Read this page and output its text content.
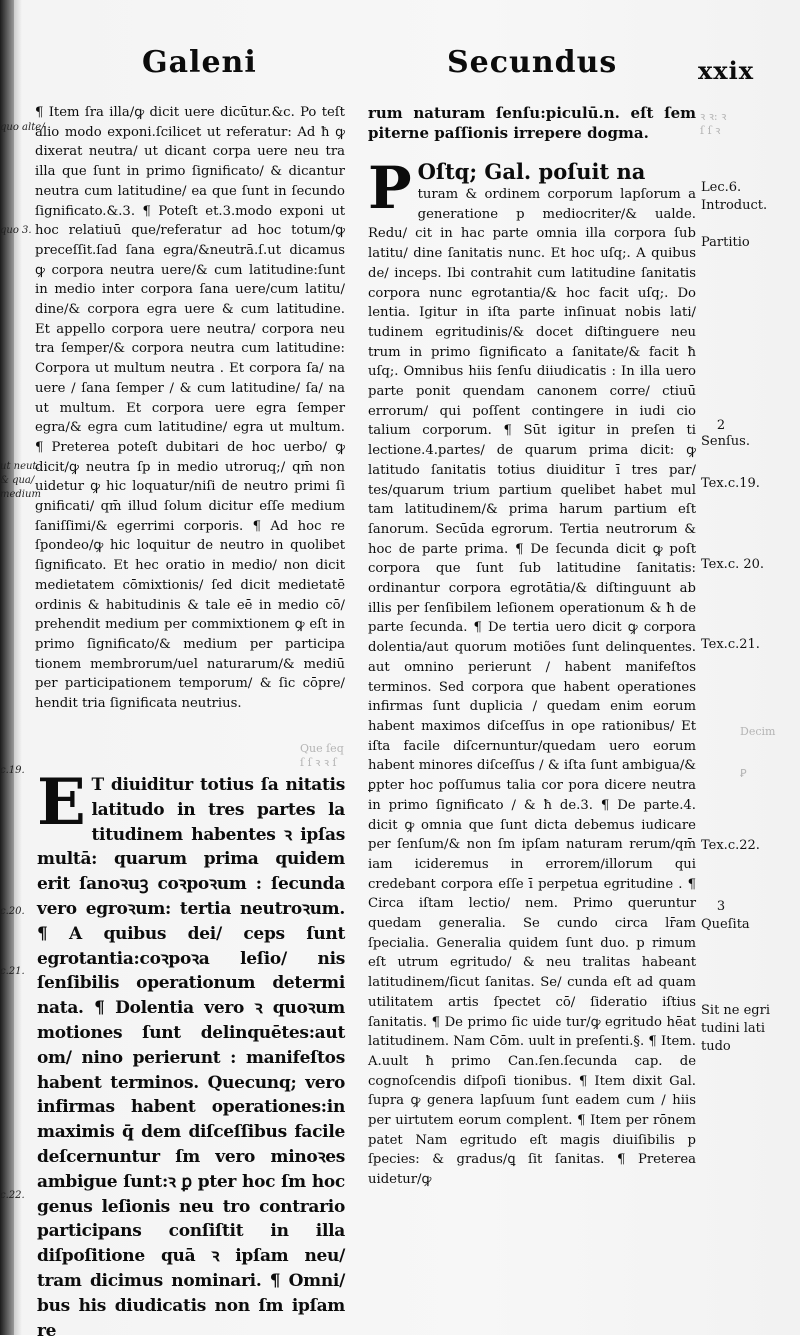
ꝛ ꝛ: ꝛ
ſ ſ ꝛ
Decim

Ꝑ
Que ſeq
ſ ſ ꝛ ꝛ ſ
Galeni	Secundus	xxix
quo alte/
quo 3.
ut neut.
& qua/
medium
c.19.
c.20.
c.21.
c.22.

¶ Item ſra illa/ꝙ dicit uere dicūtur.&c. Po teſt alio modo exponi.ſcilicet ut referatur: Ad ħ ꝙ dixerat neutra/ ut dicant corpa uere neu tra illa que ſunt in primo ſignificato/ & dicantur neutra cum latitudine/ ea que ſunt in ſecundo ſignificato.&.3. ¶ Poteſt et.3.modo exponi ut hoc relatiuū que/referatur ad hoc totum/ꝙ preceſſit.ſad ſana egra/&neutrā.ſ.ut dicamus ꝙ corpora neutra uere/& cum latitudine:ſunt in medio inter corpora ſana uere/cum latitu/ dine/& corpora egra uere & cum latitudine. Et appello corpora uere neutra/ corpora neu tra ſemper/& corpora neutra cum latitudine: Corpora ut multum neutra . Et corpora ſa/ na uere / ſana ſemper / & cum latitudine/ ſa/ na ut multum. Et corpora uere egra ſemper egra/& egra cum latitudine/ egra ut multum. ¶ Preterea poteſt dubitari de hoc uerbo/ ꝙ dicit/ꝙ neutra ſp in medio utroruq;/ qm̄ non uidetur ꝙ hic loquatur/niſi de neutro primi ſi gnificati/ qm̄ illud ſolum dicitur eſſe medium ſaniſſimi/& egerrimi corporis. ¶ Ad hoc re ſpondeo/ꝙ hic loquitur de neutro in quolibet ſignificato. Et hec oratio in medio/ non dicit medietatem cōmixtionis/ ſed dicit medietatē ordinis & habitudinis & tale eē in medio cō/ prehendit medium per commixtionem ꝙ eſt in primo ſignificato/& medium per participa tionem membrorum/uel naturarum/& mediū per participationem temporum/ & ſic cōpre/ hendit tria ſignificata neutrius.

E T diuiditur totius ſa nitatis latitudo in tres partes la titudinem habentes ꝛ ipſas multā: quarum prima quidem erit ſanoꝛuꝫ coꝛpoꝛum : ſecunda vero egroꝛum: tertia neutroꝛum. ¶ A quibus dei/ ceps ſunt egrotantia:coꝛpoꝛa leſio/ nis ſenſibilis operationum determi nata. ¶ Dolentia vero ꝛ quoꝛum motiones ſunt delinquētes:aut om/ nino perierunt : manifeſtos habent terminos. Quecunq; vero infirmas habent operationes:in maximis q̄ dem diſceſſibus facile deſcernuntur ſm vero minoꝛes ambigue ſunt:ꝛ ꝑ pter hoc ſm hoc genus leſionis neu tro contrario participans conſiſtit in illa diſpoſitione quā ꝛ ipſam neu/ tram dicimus nominari. ¶ Omni/ bus his diudicatis non ſm ipſam re

rum naturam ſenſu:piculū.n. eſt ſem piterne paſſionis irrepere dogma.

P Oſtq; Gal. poſuit na

turam & ordinem corporum lapſorum a generatione p mediocriter/& ualde. Redu/ cit in hac parte omnia illa corpora ſub latitu/ dine ſanitatis nunc. Et hoc uſq;. A quibus de/ inceps. Ibi contrahit cum latitudine ſanitatis corpora nunc egrotantia/& hoc facit uſq;. Do lentia. Igitur in iſta parte inſinuat nobis lati/ tudinem egritudinis/& docet diſtinguere neu trum in primo ſignificato a ſanitate/& facit ħ uſq;. Omnibus hiis ſenſu diiudicatis : In illa uero parte ponit quendam canonem corre/ ctiuū errorum/ qui poſſent contingere in iudi cio talium corporum. ¶ Sūt igitur in preſen ti lectione.4.partes/ de quarum prima dicit: ꝙ latitudo ſanitatis totius diuiditur ī tres par/ tes/quarum trium partium quelibet habet mul tam latitudinem/& prima harum partium eſt ſanorum. Secūda egrorum. Tertia neutrorum & hoc de parte prima. ¶ De ſecunda dicit ꝙ poſt corpora que ſunt ſub latitudine ſanitatis: ordinantur corpora egrotātia/& diſtinguunt ab illis per ſenſibilem leſionem operationum & ħ de parte ſecunda. ¶ De tertia uero dicit ꝙ corpora dolentia/aut quorum motiões ſunt delinquentes. aut omnino perierunt / habent manifeſtos terminos. Sed corpora que habent operationes infirmas ſunt duplicia / quedam enim eorum habent maximos diſceſſus in ope rationibus/ Et iſta facile diſcernuntur/quedam uero eorum habent minores diſceſſus / & iſta ſunt ambigua/& ꝑpter hoc poſſumus talia cor pora dicere neutra in primo ſignificato / & ħ de.3. ¶ De parte.4. dicit ꝙ omnia que ſunt dicta debemus iudicare per ſenſum/& non ſm ipſam naturam rerum/qm̄ iam icideremus in errorem/illorum qui credebant corpora eſſe ī perpetua egritudine . ¶ Circa iſtam lectio/ nem. Primo queruntur quedam generalia. Se cundo circa lr̄am ſpecialia. Generalia quidem ſunt duo. p rimum eſt utrum egritudo/ & neu tralitas habeant latitudinem/ſicut ſanitas. Se/ cunda eſt ad quam utilitatem artis ſpectet cō/ ſideratio iſtius ſanitatis. ¶ De primo ſic uide tur/ꝙ egritudo hēat latitudinem. Nam Cōm. uult in preſenti.§. ¶ Item. A.uult ħ primo Can.ſen.ſecunda cap. de cognoſcendis diſpoſi tionibus. ¶ Item dixit Gal. ſupra ꝙ genera lapſuum ſunt eadem cum / hiis per uirtutem eorum complent. ¶ Item per rōnem patet Nam egritudo eſt magis diuiſibilis p ſpecies: & gradus/ꝗ ſit ſanitas. ¶ Preterea uidetur/ꝙ

Lec.6.
Introduct.
Partitio
2
Senſus.
Tex.c.19.
Tex.c. 20.
Tex.c.21.
Tex.c.22.
3
Queſita
Sit ne egri
tudini lati
tudo
